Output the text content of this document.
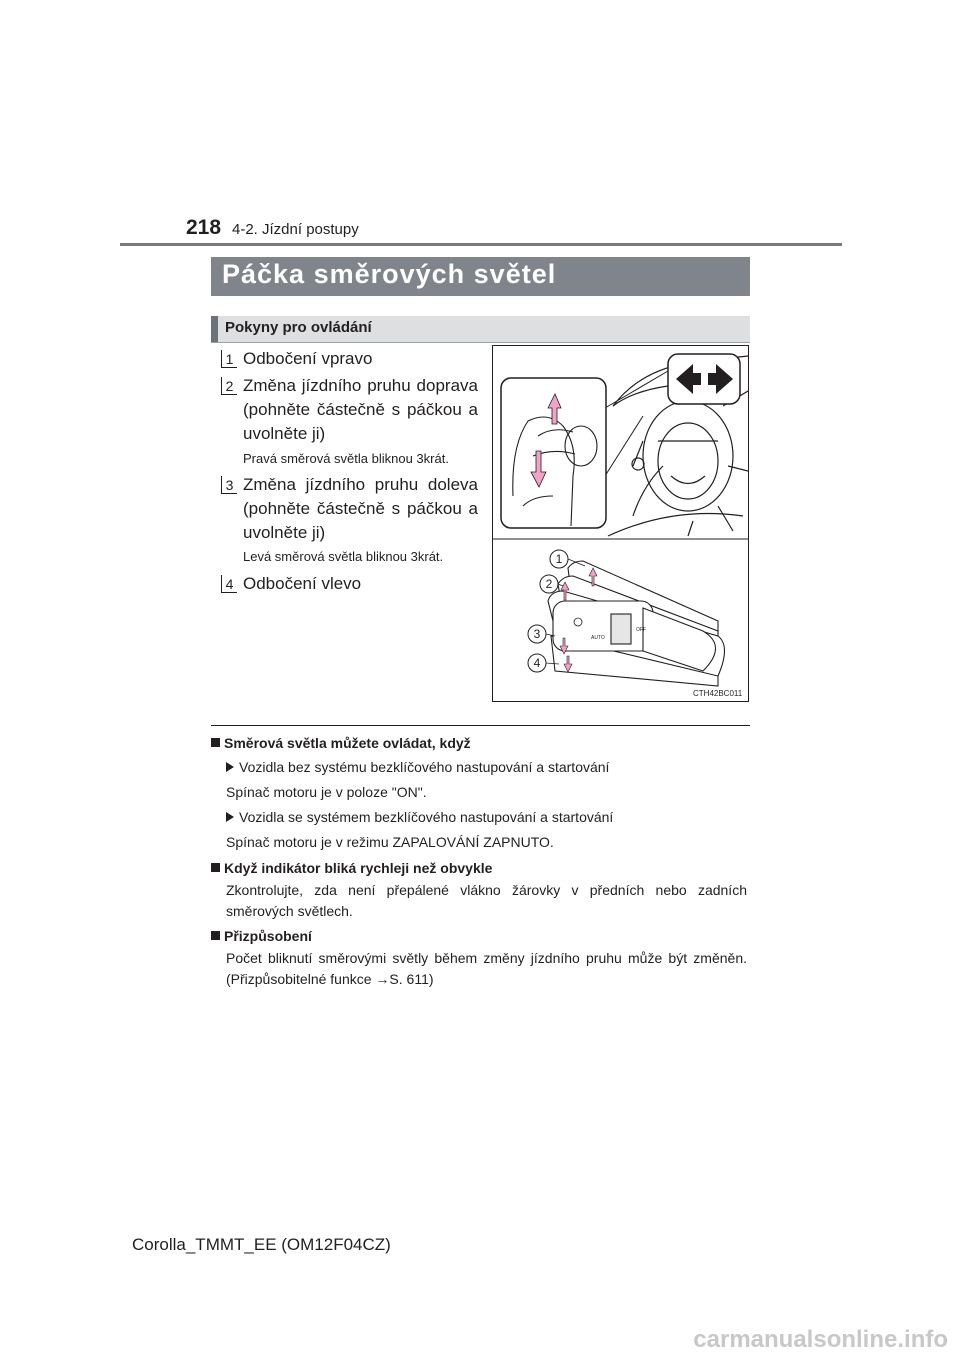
218 4-2. Jízdní postupy
Páčka směrových světel
Pokyny pro ovládání
1 Odbočení vpravo
2 Změna jízdního pruhu doprava (pohněte částečně s páčkou a uvolněte ji)
Pravá směrová světla bliknou 3krát.
3 Změna jízdního pruhu doleva (pohněte částečně s páčkou a uvolněte ji)
Levá směrová světla bliknou 3krát.
4 Odbočení vlevo
AUTO
OFF
1
2
3
4
CTH42BC011
Směrová světla můžete ovládat, když
Vozidla bez systému bezklíčového nastupování a startování
Spínač motoru je v poloze "ON".
Vozidla se systémem bezklíčového nastupování a startování
Spínač motoru je v režimu ZAPALOVÁNÍ ZAPNUTO.
Když indikátor bliká rychleji než obvykle
Zkontrolujte, zda není přepálené vlákno žárovky v předních nebo zadních směrových světlech.
Přizpůsobení
Počet bliknutí směrovými světly během změny jízdního pruhu může být změněn. (Přizpůsobitelné funkce →S. 611)
Corolla_TMMT_EE (OM12F04CZ)
carmanualsonline.info
